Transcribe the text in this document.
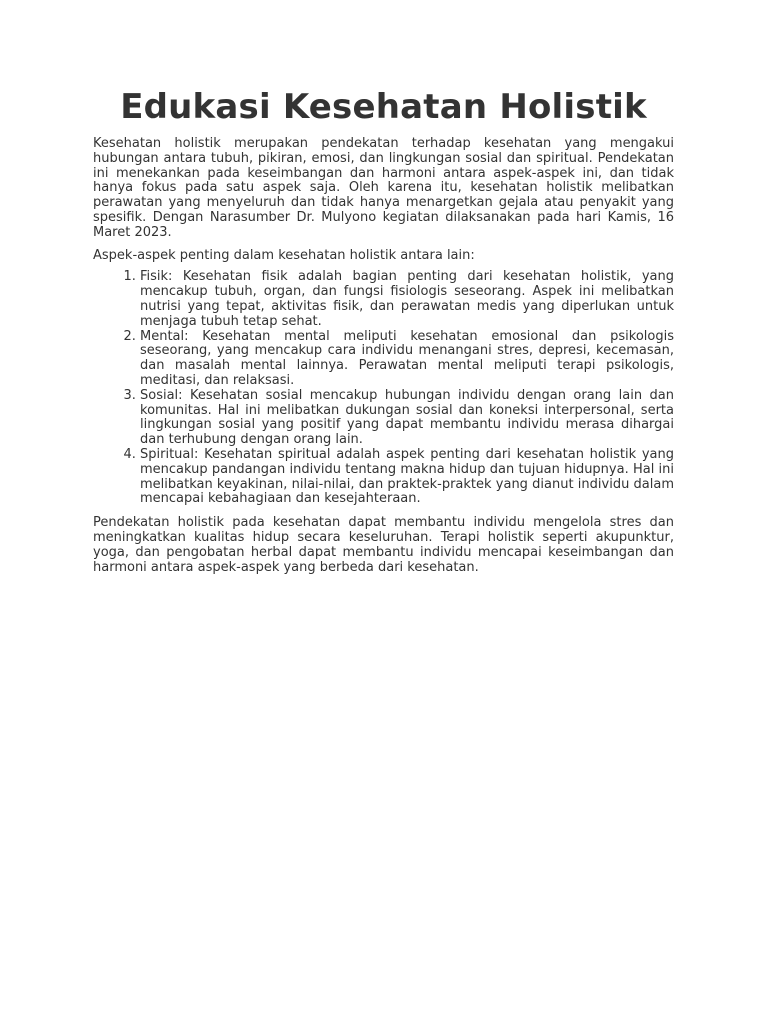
Edukasi Kesehatan Holistik

Kesehatan holistik merupakan pendekatan terhadap kesehatan yang mengakui hubungan antara tubuh, pikiran, emosi, dan lingkungan sosial dan spiritual. Pendekatan ini menekankan pada keseimbangan dan harmoni antara aspek-aspek ini, dan tidak hanya fokus pada satu aspek saja. Oleh karena itu, kesehatan holistik melibatkan perawatan yang menyeluruh dan tidak hanya menargetkan gejala atau penyakit yang spesifik. Dengan Narasumber Dr. Mulyono kegiatan dilaksanakan pada hari Kamis, 16 Maret 2023.

Aspek-aspek penting dalam kesehatan holistik antara lain:

1. Fisik: Kesehatan fisik adalah bagian penting dari kesehatan holistik, yang mencakup tubuh, organ, dan fungsi fisiologis seseorang. Aspek ini melibatkan nutrisi yang tepat, aktivitas fisik, dan perawatan medis yang diperlukan untuk menjaga tubuh tetap sehat.
2. Mental: Kesehatan mental meliputi kesehatan emosional dan psikologis seseorang, yang mencakup cara individu menangani stres, depresi, kecemasan, dan masalah mental lainnya. Perawatan mental meliputi terapi psikologis, meditasi, dan relaksasi.
3. Sosial: Kesehatan sosial mencakup hubungan individu dengan orang lain dan komunitas. Hal ini melibatkan dukungan sosial dan koneksi interpersonal, serta lingkungan sosial yang positif yang dapat membantu individu merasa dihargai dan terhubung dengan orang lain.
4. Spiritual: Kesehatan spiritual adalah aspek penting dari kesehatan holistik yang mencakup pandangan individu tentang makna hidup dan tujuan hidupnya. Hal ini melibatkan keyakinan, nilai-nilai, dan praktek-praktek yang dianut individu dalam mencapai kebahagiaan dan kesejahteraan.

Pendekatan holistik pada kesehatan dapat membantu individu mengelola stres dan meningkatkan kualitas hidup secara keseluruhan. Terapi holistik seperti akupunktur, yoga, dan pengobatan herbal dapat membantu individu mencapai keseimbangan dan harmoni antara aspek-aspek yang berbeda dari kesehatan.
